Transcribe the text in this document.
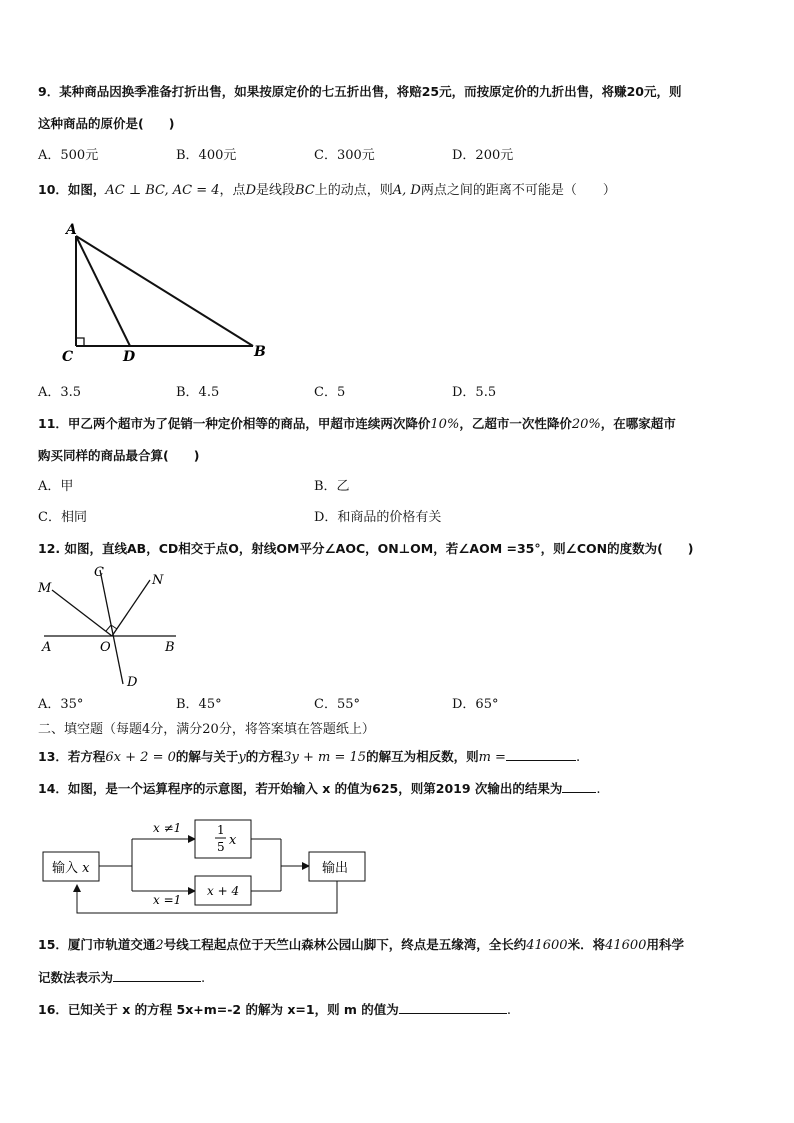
9．某种商品因换季准备打折出售，如果按原定价的七五折出售，将赔25元，而按原定价的九折出售，将赚20元，则
这种商品的原价是(　　)
A．500元	B．400元	C．300元	D．200元
10．如图，AC ⊥ BC, AC = 4，点D是线段BC上的动点，则A, D两点之间的距离不可能是（　　）
A
C	D	B
A．3.5	B．4.5	C．5	D．5.5
11．甲乙两个超市为了促销一种定价相等的商品，甲超市连续两次降价10%，乙超市一次性降价20%，在哪家超市
购买同样的商品最合算(　　)
A．甲	B．乙
C．相同	D．和商品的价格有关
12. 如图，直线AB，CD相交于点O，射线OM平分∠AOC，ON⊥OM，若∠AOM =35°，则∠CON的度数为(　　)
M
C
N
A	O	B
D
A．35°	B．45°	C．55°	D．65°
二、填空题（每题4分，满分20分，将答案填在答题纸上）
13．若方程6x + 2 = 0的解与关于y的方程3y + m = 15的解互为相反数，则m =	.
14．如图，是一个运算程序的示意图，若开始输入 x 的值为625，则第2019 次输出的结果为	.
输入 x
x ≠1
x =1
1
5 x
x + 4
输出
15．厦门市轨道交通2号线工程起点位于天竺山森林公园山脚下，终点是五缘湾，全长约41600米．将41600用科学
记数法表示为	.
16．已知关于 x 的方程 5x+m=-2 的解为 x=1，则 m 的值为	.
